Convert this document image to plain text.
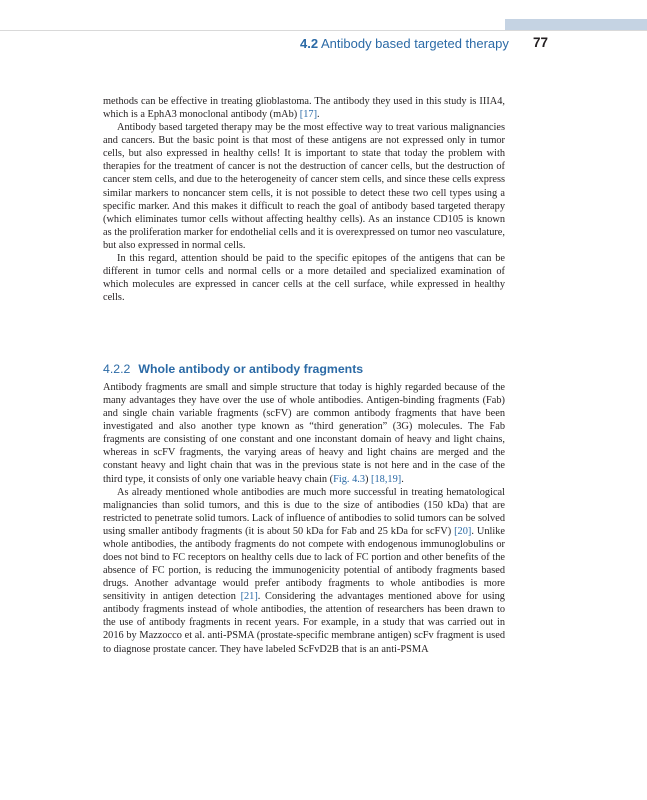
4.2 Antibody based targeted therapy 77

methods can be effective in treating glioblastoma. The antibody they used in this study is IIIA4, which is a EphA3 monoclonal antibody (mAb) [17].

Antibody based targeted therapy may be the most effective way to treat various malignancies and cancers. But the basic point is that most of these antigens are not expressed only in tumor cells, but also expressed in healthy cells! It is important to state that today the problem with therapies for the treatment of cancer is not the destruction of cancer cells, but the destruction of cancer stem cells, and due to the heterogeneity of cancer stem cells, and since these cells express similar markers to noncancer stem cells, it is not possible to detect these two cell types using a specific marker. And this makes it difficult to reach the goal of antibody based targeted therapy (which eliminates tumor cells without affecting healthy cells). As an instance CD105 is known as the proliferation marker for endothelial cells and it is overexpressed on tumor neo vasculature, but also expressed in normal cells.

In this regard, attention should be paid to the specific epitopes of the antigens that can be different in tumor cells and normal cells or a more detailed and specialized examination of which molecules are expressed in cancer cells at the cell surface, while expressed in healthy cells.

4.2.2 Whole antibody or antibody fragments

Antibody fragments are small and simple structure that today is highly regarded because of the many advantages they have over the use of whole antibodies. Antigen-binding fragments (Fab) and single chain variable fragments (scFV) are common antibody fragments that have been investigated and also another type known as “third generation” (3G) molecules. The Fab fragments are consisting of one constant and one inconstant domain of heavy and light chains, whereas in scFV fragments, the varying areas of heavy and light chains are merged and the constant heavy and light chain that was in the previous state is not here and in the case of the third type, it consists of only one variable heavy chain (Fig. 4.3) [18,19].

As already mentioned whole antibodies are much more successful in treating hematological malignancies than solid tumors, and this is due to the size of antibodies (150 kDa) that are restricted to penetrate solid tumors. Lack of influence of antibodies to solid tumors can be solved using smaller antibody fragments (it is about 50 kDa for Fab and 25 kDa for scFV) [20]. Unlike whole antibodies, the antibody fragments do not compete with endogenous immunoglobulins or does not bind to FC receptors on healthy cells due to lack of FC portion and other benefits of the absence of FC portion, is reducing the immunogenicity potential of antibody fragments based drugs. Another advantage would prefer antibody fragments to whole antibodies is more sensitivity in antigen detection [21]. Considering the advantages mentioned above for using antibody fragments instead of whole antibodies, the attention of researchers has been drawn to the use of antibody fragments in recent years. For example, in a study that was carried out in 2016 by Mazzocco et al. anti-PSMA (prostate-specific membrane antigen) scFv fragment is used to diagnose prostate cancer. They have labeled ScFvD2B that is an anti-PSMA
